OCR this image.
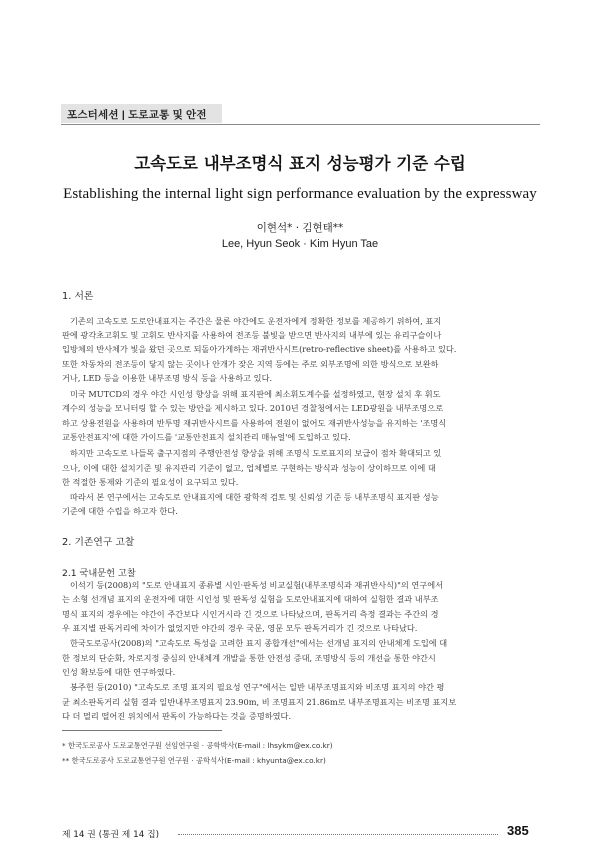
포스터세션 | 도로교통 및 안전
고속도로 내부조명식 표지 성능평가 기준 수립
Establishing the internal light sign performance evaluation by the expressway
이현석* · 김현태**
Lee, Hyun Seok · Kim Hyun Tae
1. 서론
기존의 고속도로 도로안내표지는 주간은 물론 야간에도 운전자에게 정확한 정보를 제공하기 위하여, 표지
판에 광각초고휘도 및 고휘도 반사지를 사용하여 전조등 불빛을 받으면 반사지의 내부에 있는 유리구슬이나
입방체의 반사체가 빛을 왔던 곳으로 되돌아가게하는 재귀반사시트(retro-reflective sheet)를 사용하고 있다.
또한 차동차의 전조등이 닿지 않는 곳이나 안개가 잦은 지역 등에는 주로 외부조명에 의한 방식으로 보완하
거나, LED 등을 이용한 내부조명 방식 등을 사용하고 있다.
미국 MUTCD의 경우 야간 시인성 향상을 위해 표지판에 최소휘도계수를 설정하였고, 현장 설치 후 휘도
계수의 성능을 모니터링 할 수 있는 방안을 제시하고 있다. 2010년 경찰청에서는 LED광원을 내부조명으로
하고 상용전원을 사용하며 반투명 재귀반사시트를 사용하여 전원이 없어도 재귀반사성능을 유지하는 '조명식
교통안전표지'에 대한 가이드를 '교통안전표지 설치관리 매뉴얼'에 도입하고 있다.
하지만 고속도로 나들목 출구지점의 주행안전성 향상을 위해 조명식 도로표지의 보급이 점차 확대되고 있
으나, 이에 대한 설치기준 및 유지관리 기준이 없고, 업체별로 구현하는 방식과 성능이 상이하므로 이에 대
한 적절한 통제와 기준의 필요성이 요구되고 있다.
따라서 본 연구에서는 고속도로 안내표지에 대한 광학적 검토 및 신뢰성 기준 등 내부조명식 표지판 성능
기준에 대한 수립을 하고자 한다.
2. 기존연구 고찰
2.1 국내문헌 고찰
이석기 등(2008)의 "도로 안내표지 종류별 시인·판독성 비교실험(내부조명식과 재귀반사식)"의 연구에서
는 소형 선개념 표지의 운전자에 대한 시인성 및 판독성 실험을 도로안내표지에 대하여 실험한 결과 내부조
명식 표지의 경우에는 야간이 주간보다 시인거시라 긴 것으로 나타났으며, 판독거리 측정 결과는 주간의 경
우 표지별 판독거리에 차이가 없었지만 야간의 경우 국문, 영문 모두 판독거리가 긴 것으로 나타났다.
한국도로공사(2008)의 "고속도로 특성을 고려한 표지 종합개선"에서는 선개념 표지의 안내체계 도입에 대
한 정보의 단순화, 차로지정 중심의 안내체계 개발을 통한 안전성 증대, 조명방식 등의 개선을 통한 야간시
인성 확보등에 대한 연구하였다.
봉주헌 등(2010) "고속도로 조명 표지의 필요성 연구"에서는 일반 내부조명표지와 비조명 표지의 야간 평
균 최소판독거리 실험 결과 일반내부조명표지 23.90m, 비 조명표지 21.86m로 내부조명표지는 비조명 표지보
다 더 멀리 떨어진 위치에서 판독이 가능하다는 것을 증명하였다.
* 한국도로공사 도로교통연구원 선임연구원 · 공학박사(E-mail : lhsykm@ex.co.kr)
** 한국도로공사 도로교통연구원 연구원 · 공학석사(E-mail : khyunta@ex.co.kr)
제 14 권 (통권 제 14 집)	385
